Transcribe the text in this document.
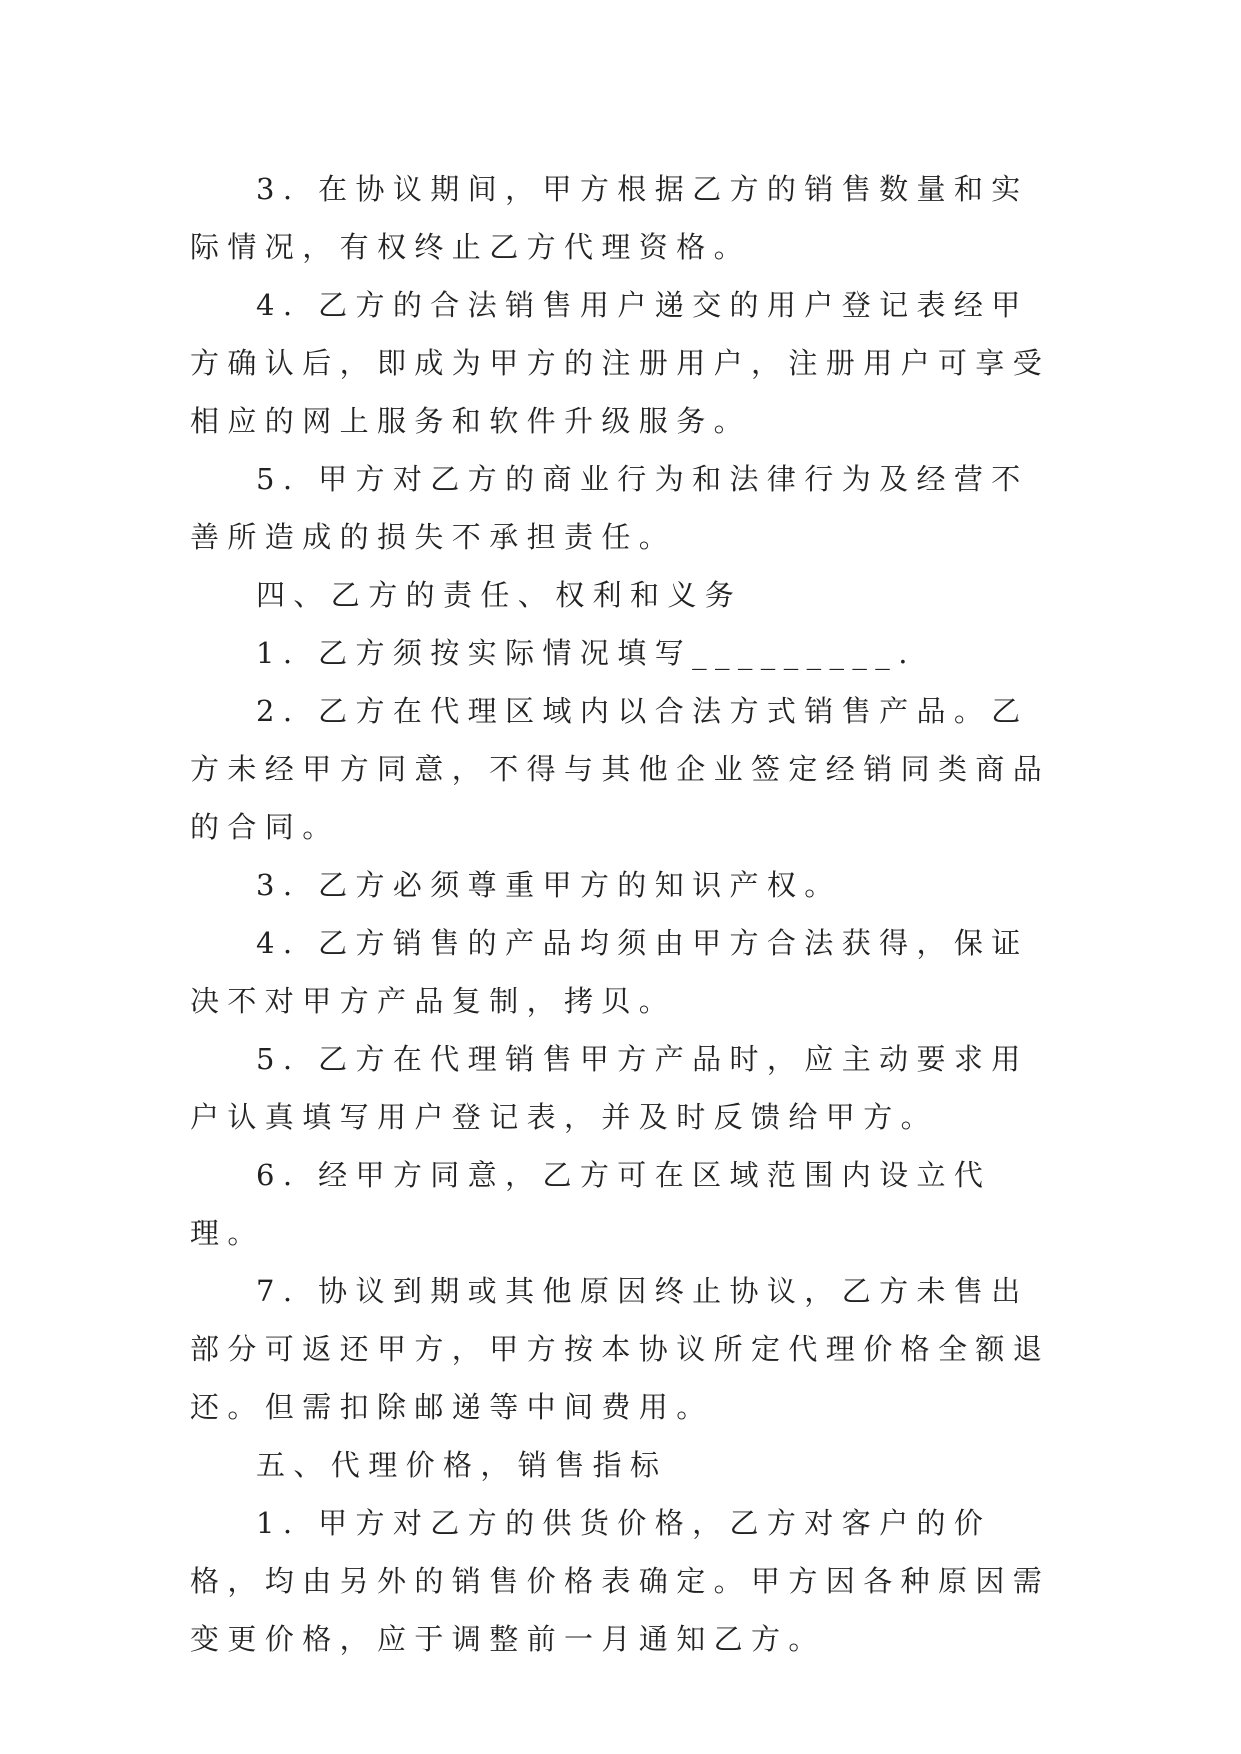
3. 在协议期间，甲方根据乙方的销售数量和实际情况，有权终止乙方代理资格。

4. 乙方的合法销售用户递交的用户登记表经甲方确认后，即成为甲方的注册用户，注册用户可享受相应的网上服务和软件升级服务。

5. 甲方对乙方的商业行为和法律行为及经营不善所造成的损失不承担责任。

四、乙方的责任、权利和义务

1. 乙方须按实际情况填写_________.

2. 乙方在代理区域内以合法方式销售产品。乙方未经甲方同意，不得与其他企业签定经销同类商品的合同。

3. 乙方必须尊重甲方的知识产权。

4. 乙方销售的产品均须由甲方合法获得，保证决不对甲方产品复制，拷贝。

5. 乙方在代理销售甲方产品时，应主动要求用户认真填写用户登记表，并及时反馈给甲方。

6. 经甲方同意，乙方可在区域范围内设立代理。

7. 协议到期或其他原因终止协议，乙方未售出部分可返还甲方，甲方按本协议所定代理价格全额退还。但需扣除邮递等中间费用。

五、代理价格，销售指标

1. 甲方对乙方的供货价格，乙方对客户的价格，均由另外的销售价格表确定。甲方因各种原因需变更价格，应于调整前一月通知乙方。
